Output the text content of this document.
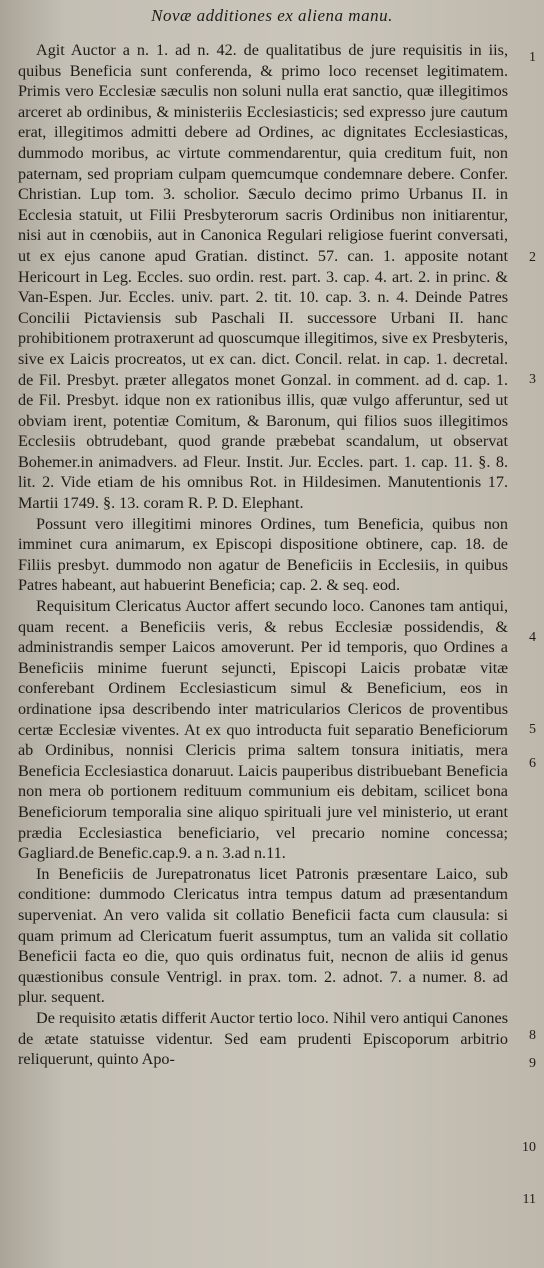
Novæ additiones ex aliena manu.

Agit Auctor a n. 1. ad n. 42. de qualitatibus de jure requisitis in iis, quibus Beneficia sunt conferenda, & primo loco recenset legitimatem. Primis vero Ecclesiæ sæculis non soluni nulla erat sanctio, quæ illegitimos arceret ab ordinibus, & ministeriis Ecclesiasticis; sed expresso jure cautum erat, illegitimos admitti debere ad Ordines, ac dignitates Ecclesiasticas, dummodo moribus, ac virtute commendarentur, quia creditum fuit, non paternam, sed propriam culpam quemcumque condemnare debere. Confer. Christian. Lup tom. 3. scholior. Sæculo decimo primo Urbanus II. in Ecclesia statuit, ut Filii Presbyterorum sacris Ordinibus non initiarentur, nisi aut in cœnobiis, aut in Canonica Regulari religiose fuerint conversati, ut ex ejus canone apud Gratian. distinct. 57. can. 1. apposite notant Hericourt in Leg. Eccles. suo ordin. rest. part. 3. cap. 4. art. 2. in princ. & Van-Espen. Jur. Eccles. univ. part. 2. tit. 10. cap. 3. n. 4. Deinde Patres Concilii Pictaviensis sub Paschali II. successore Urbani II. hanc prohibitionem protraxerunt ad quoscumque illegitimos, sive ex Presbyteris, sive ex Laicis procreatos, ut ex can. dict. Concil. relat. in cap. 1. decretal. de Fil. Presbyt. præter allegatos monet Gonzal. in comment. ad d. cap. 1. de Fil. Presbyt. idque non ex rationibus illis, quæ vulgo afferuntur, sed ut obviam irent, potentiæ Comitum, & Baronum, qui filios suos illegitimos Ecclesiis obtrudebant, quod grande præbebat scandalum, ut observat Bohemer.in animadvers. ad Fleur. Instit. Jur. Eccles. part. 1. cap. 11. §. 8. lit. 2. Vide etiam de his omnibus Rot. in Hildesimen. Manutentionis 17. Martii 1749. §. 13. coram R. P. D. Elephant.

Possunt vero illegitimi minores Ordines, tum Beneficia, quibus non imminet cura animarum, ex Episcopi dispositione obtinere, cap. 18. de Filiis presbyt. dummodo non agatur de Beneficiis in Ecclesiis, in quibus Patres habeant, aut habuerint Beneficia; cap. 2. & seq. eod.

Requisitum Clericatus Auctor affert secundo loco. Canones tam antiqui, quam recent. a Beneficiis veris, & rebus Ecclesiæ possidendis, & administrandis semper Laicos amoverunt. Per id temporis, quo Ordines a Beneficiis minime fuerunt sejuncti, Episcopi Laicis probatæ vitæ conferebant Ordinem Ecclesiasticum simul & Beneficium, eos in ordinatione ipsa describendo inter matricularios Clericos de proventibus certæ Ecclesiæ viventes. At ex quo introducta fuit separatio Beneficiorum ab Ordinibus, nonnisi Clericis prima saltem tonsura initiatis, mera Beneficia Ecclesiastica donaruut. Laicis pauperibus distribuebant Beneficia non mera ob portionem redituum communium eis debitam, scilicet bona Beneficiorum temporalia sine aliquo spirituali jure vel ministerio, ut erant prædia Ecclesiastica beneficiario, vel precario nomine concessa; Gagliard.de Benefic.cap.9. a n. 3.ad n.11.

In Beneficiis de Jurepatronatus licet Patronis præsentare Laico, sub conditione: dummodo Clericatus intra tempus datum ad præsentandum superveniat. An vero valida sit collatio Beneficii facta cum clausula: si quam primum ad Clericatum fuerit assumptus, tum an valida sit collatio Beneficii facta eo die, quo quis ordinatus fuit, necnon de aliis id genus quæstionibus consule Ventrigl. in prax. tom. 2. adnot. 7. a numer. 8. ad plur. sequent.

De requisito ætatis differit Auctor tertio loco. Nihil vero antiqui Canones de ætate statuisse videntur. Sed eam prudenti Episcoporum arbitrio reliquerunt, quinto Apo-

1
2
3
4
5
6
8
9
10
11
